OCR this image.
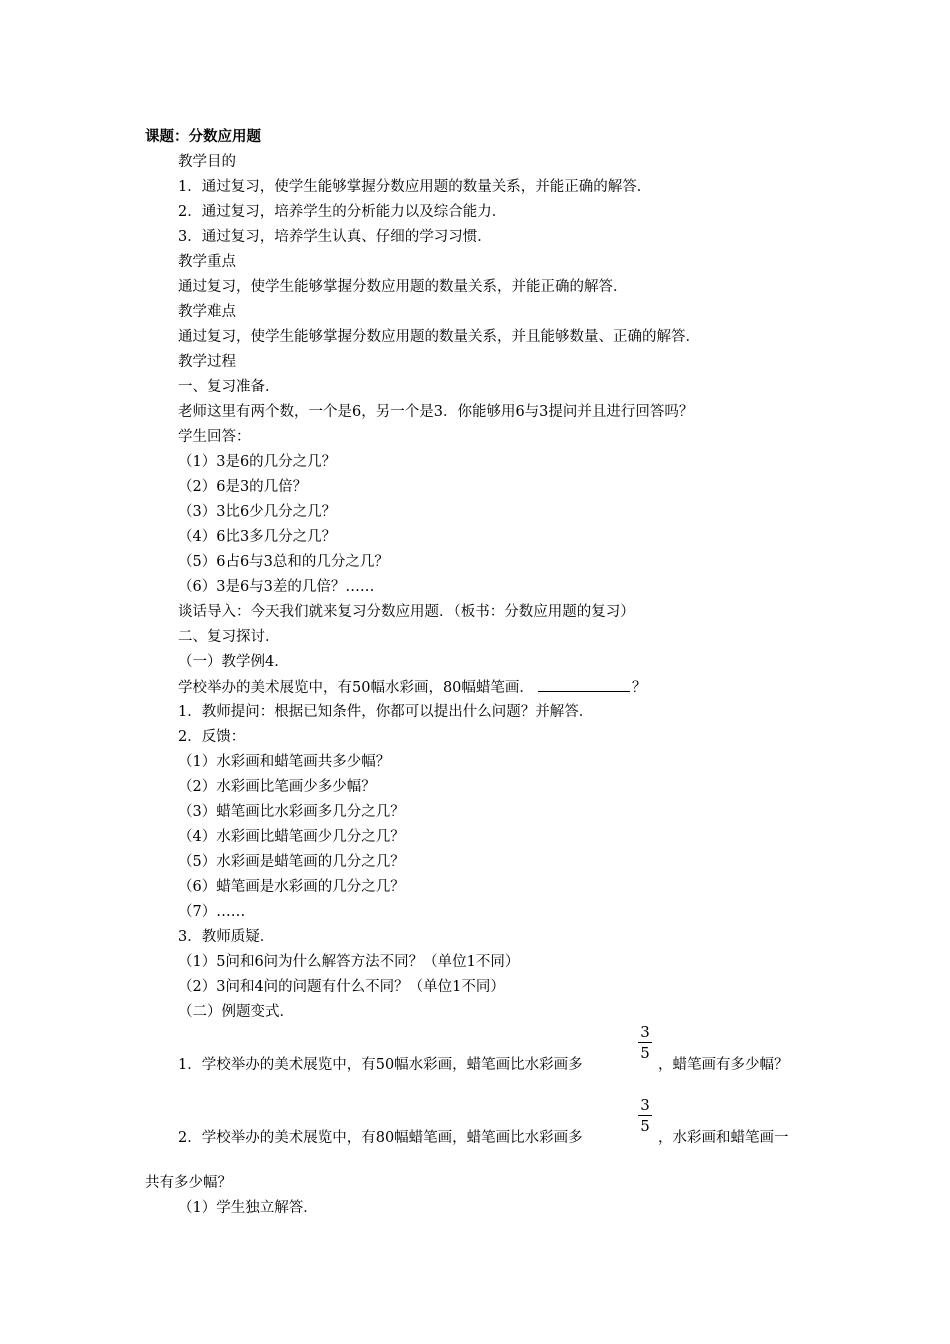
课题：分数应用题
教学目的
1．通过复习，使学生能够掌握分数应用题的数量关系，并能正确的解答．
2．通过复习，培养学生的分析能力以及综合能力．
3．通过复习，培养学生认真、仔细的学习习惯．
教学重点
通过复习，使学生能够掌握分数应用题的数量关系，并能正确的解答．
教学难点
通过复习，使学生能够掌握分数应用题的数量关系，并且能够数量、正确的解答．
教学过程
一、复习准备．
老师这里有两个数，一个是6，另一个是3．你能够用6与3提问并且进行回答吗？
学生回答：
（1）3是6的几分之几？
（2）6是3的几倍？
（3）3比6少几分之几？
（4）6比3多几分之几？
（5）6占6与3总和的几分之几？
（6）3是6与3差的几倍？……
谈话导入：今天我们就来复习分数应用题．（板书：分数应用题的复习）
二、复习探讨．
（一）教学例4．
学校举办的美术展览中，有50幅水彩画，80幅蜡笔画．	？
1．教师提问：根据已知条件，你都可以提出什么问题？并解答．
2．反馈：
（1）水彩画和蜡笔画共多少幅？
（2）水彩画比笔画少多少幅？
（3）蜡笔画比水彩画多几分之几？
（4）水彩画比蜡笔画少几分之几？
（5）水彩画是蜡笔画的几分之几？
（6）蜡笔画是水彩画的几分之几？
（7）……
3．教师质疑．
（1）5问和6问为什么解答方法不同？（单位1不同）
（2）3问和4问的问题有什么不同？（单位1不同）
（二）例题变式．
1．学校举办的美术展览中，有50幅水彩画，蜡笔画比水彩画多
3
5
，蜡笔画有多少幅？
2．学校举办的美术展览中，有80幅蜡笔画，蜡笔画比水彩画多
3
5
，水彩画和蜡笔画一
共有多少幅？
（1）学生独立解答．
